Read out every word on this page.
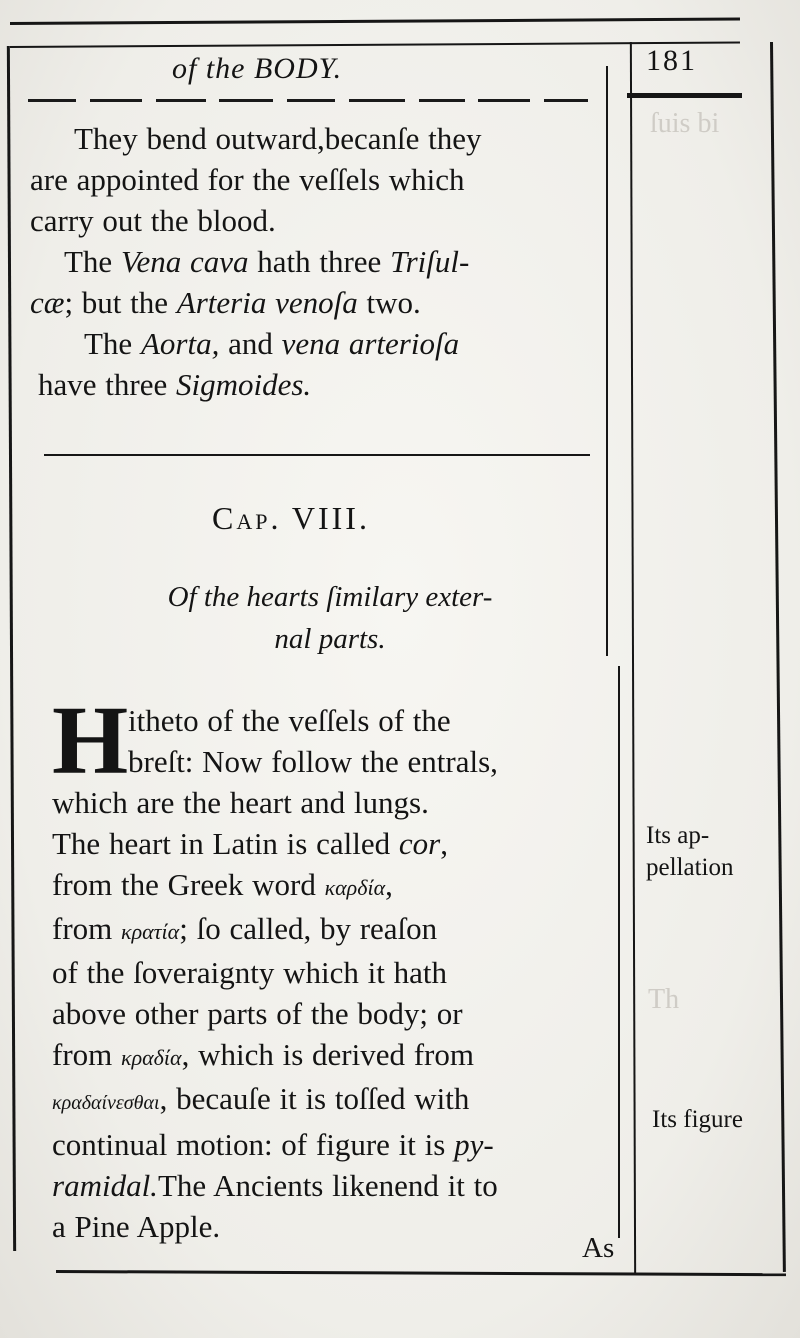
ſuis bi
Th
of the BODY.	181
They bend outward,becanſe they
are appointed for the veſſels which
carry out the blood.
The Vena cava hath three Triſul-
cæ; but the Arteria venoſa two.
The Aorta, and vena arterioſa
have three Sigmoides.
Cap. VIII.
Of the hearts ſimilary exter-
nal parts.
H itheto of the veſſels of the
breſt: Now follow the entrals,
which are the heart and lungs.
The heart in Latin is called cor,
from the Greek word καρδία,
from κρατία; ſo called, by reaſon
of the ſoveraignty which it hath
above other parts of the body; or
from κραδία, which is derived from
κραδαίνεσθαι, becauſe it is toſſed with
continual motion: of figure it is py-
ramidal.The Ancients likenend it to
a Pine Apple.
Its ap-
pellation
Its figure
As
